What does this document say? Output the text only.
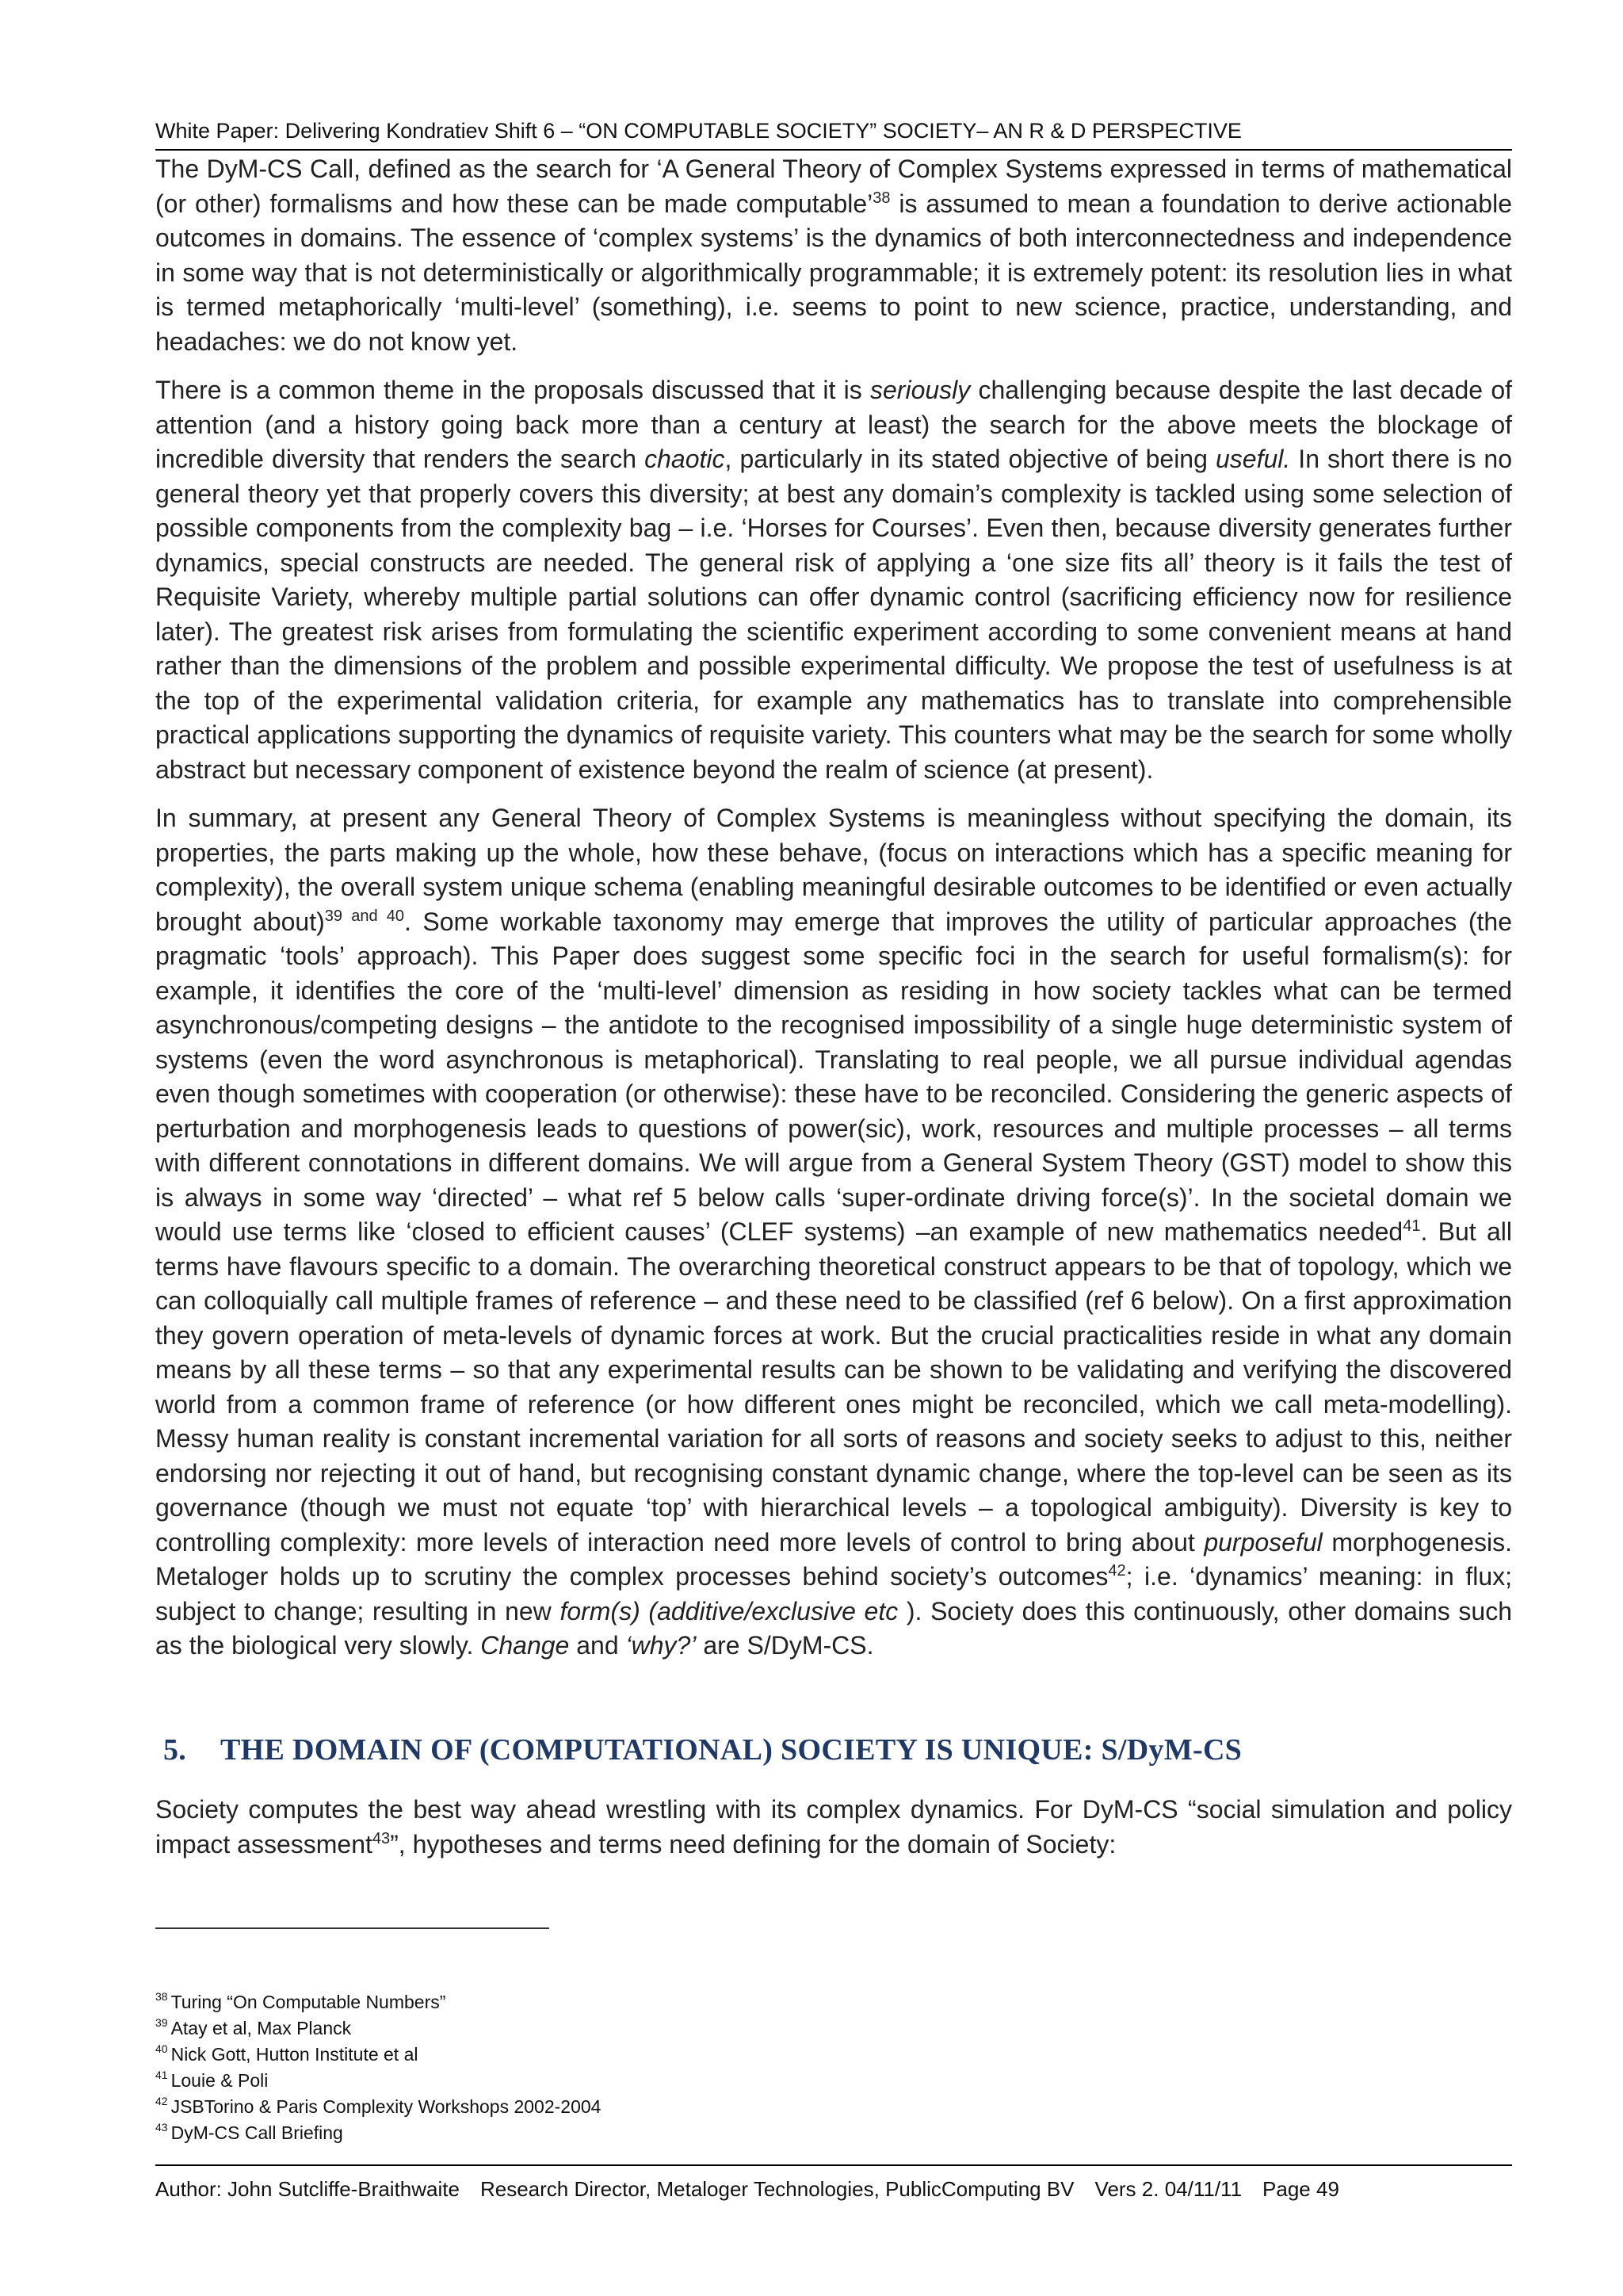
White Paper: Delivering Kondratiev Shift 6 – “ON COMPUTABLE SOCIETY” SOCIETY– AN R & D PERSPECTIVE

The DyM-CS Call, defined as the search for ‘A General Theory of Complex Systems expressed in terms of mathematical (or other) formalisms and how these can be made computable’$^{38}$ is assumed to mean a foundation to derive actionable outcomes in domains. The essence of ‘complex systems’ is the dynamics of both interconnectedness and independence in some way that is not deterministically or algorithmically programmable; it is extremely potent: its resolution lies in what is termed metaphorically ‘multi-level’ (something), i.e. seems to point to new science, practice, understanding, and headaches: we do not know yet.

There is a common theme in the proposals discussed that it is seriously challenging because despite the last decade of attention (and a history going back more than a century at least) the search for the above meets the blockage of incredible diversity that renders the search chaotic, particularly in its stated objective of being useful. In short there is no general theory yet that properly covers this diversity; at best any domain’s complexity is tackled using some selection of possible components from the complexity bag – i.e. ‘Horses for Courses’. Even then, because diversity generates further dynamics, special constructs are needed. The general risk of applying a ‘one size fits all’ theory is it fails the test of Requisite Variety, whereby multiple partial solutions can offer dynamic control (sacrificing efficiency now for resilience later). The greatest risk arises from formulating the scientific experiment according to some convenient means at hand rather than the dimensions of the problem and possible experimental difficulty. We propose the test of usefulness is at the top of the experimental validation criteria, for example any mathematics has to translate into comprehensible practical applications supporting the dynamics of requisite variety. This counters what may be the search for some wholly abstract but necessary component of existence beyond the realm of science (at present).

In summary, at present any General Theory of Complex Systems is meaningless without specifying the domain, its properties, the parts making up the whole, how these behave, (focus on interactions which has a specific meaning for complexity), the overall system unique schema (enabling meaningful desirable outcomes to be identified or even actually brought about)$^{39 and 40}$. Some workable taxonomy may emerge that improves the utility of particular approaches (the pragmatic ‘tools’ approach). This Paper does suggest some specific foci in the search for useful formalism(s): for example, it identifies the core of the ‘multi-level’ dimension as residing in how society tackles what can be termed asynchronous/competing designs – the antidote to the recognised impossibility of a single huge deterministic system of systems (even the word asynchronous is metaphorical). Translating to real people, we all pursue individual agendas even though sometimes with cooperation (or otherwise): these have to be reconciled. Considering the generic aspects of perturbation and morphogenesis leads to questions of power(sic), work, resources and multiple processes – all terms with different connotations in different domains. We will argue from a General System Theory (GST) model to show this is always in some way ‘directed’ – what ref 5 below calls ‘super-ordinate driving force(s)’. In the societal domain we would use terms like ‘closed to efficient causes’ (CLEF systems) –an example of new mathematics needed$^{41}$. But all terms have flavours specific to a domain. The overarching theoretical construct appears to be that of topology, which we can colloquially call multiple frames of reference – and these need to be classified (ref 6 below). On a first approximation they govern operation of meta-levels of dynamic forces at work. But the crucial practicalities reside in what any domain means by all these terms – so that any experimental results can be shown to be validating and verifying the discovered world from a common frame of reference (or how different ones might be reconciled, which we call meta-modelling). Messy human reality is constant incremental variation for all sorts of reasons and society seeks to adjust to this, neither endorsing nor rejecting it out of hand, but recognising constant dynamic change, where the top-level can be seen as its governance (though we must not equate ‘top’ with hierarchical levels – a topological ambiguity). Diversity is key to controlling complexity: more levels of interaction need more levels of control to bring about purposeful morphogenesis. Metaloger holds up to scrutiny the complex processes behind society’s outcomes$^{42}$; i.e. ‘dynamics’ meaning: in flux; subject to change; resulting in new form(s) (additive/exclusive etc ). Society does this continuously, other domains such as the biological very slowly. Change and ‘why?’ are S/DyM-CS.

5. THE DOMAIN OF (COMPUTATIONAL) SOCIETY IS UNIQUE: S/DyM-CS
Society computes the best way ahead wrestling with its complex dynamics. For DyM-CS “social simulation and policy impact assessment$^{43}$”, hypotheses and terms need defining for the domain of Society:
$^{38}$ Turing “On Computable Numbers”
$^{39}$ Atay et al, Max Planck
$^{40}$ Nick Gott, Hutton Institute et al
$^{41}$ Louie & Poli
$^{42}$ JSBTorino & Paris Complexity Workshops 2002-2004
$^{43}$ DyM-CS Call Briefing
Author: John Sutcliffe-Braithwaite Research Director, Metaloger Technologies, PublicComputing BV Vers 2. 04/11/11 Page 49
